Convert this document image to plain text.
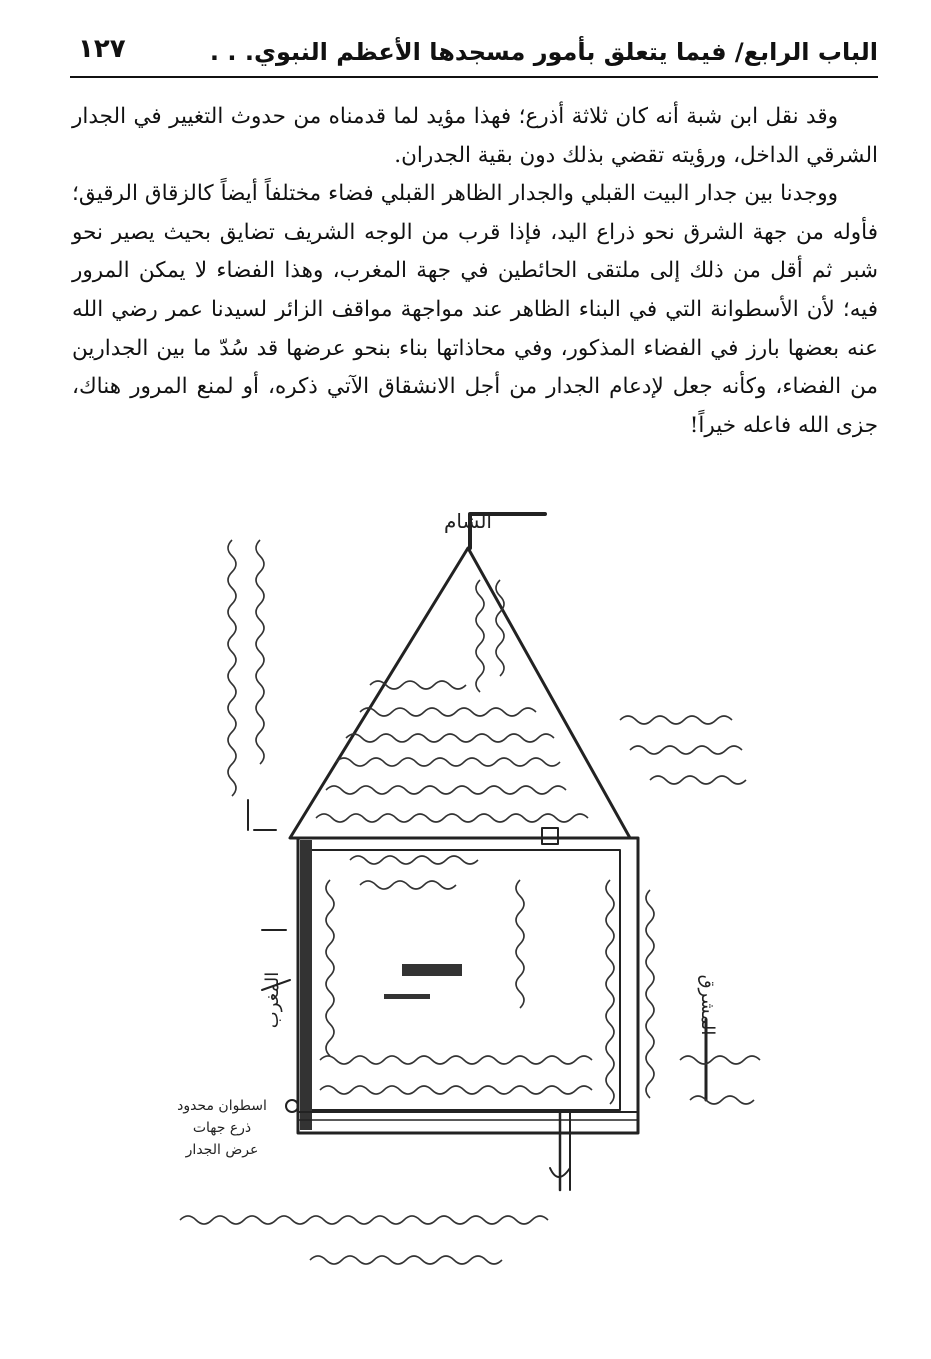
الباب الرابع/ فيما يتعلق بأمور مسجدها الأعظم النبوي. . .
١٢٧

وقد نقل ابن شبة أنه كان ثلاثة أذرع؛ فهذا مؤيد لما قدمناه من حدوث التغيير في الجدار الشرقي الداخل، ورؤيته تقضي بذلك دون بقية الجدران.

ووجدنا بين جدار البيت القبلي والجدار الظاهر القبلي فضاء مختلفاً أيضاً كالزقاق الرقيق؛ فأوله من جهة الشرق نحو ذراع اليد، فإذا قرب من الوجه الشريف تضايق بحيث يصير نحو شبر ثم أقل من ذلك إلى ملتقى الحائطين في جهة المغرب، وهذا الفضاء لا يمكن المرور فيه؛ لأن الأسطوانة التي في البناء الظاهر عند مواجهة مواقف الزائر لسيدنا عمر رضي الله عنه بعضها بارز في الفضاء المذكور، وفي محاذاتها بناء بنحو عرضها قد سُدّ ما بين الجدارين من الفضاء، وكأنه جعل لإدعام الجدار من أجل الانشقاق الآتي ذكره، أو لمنع المرور هناك، جزى الله فاعله خيراً!

الشام
المشرق
المغرب
اسطوان محدود
ذرع جهات
عرض الجدار
